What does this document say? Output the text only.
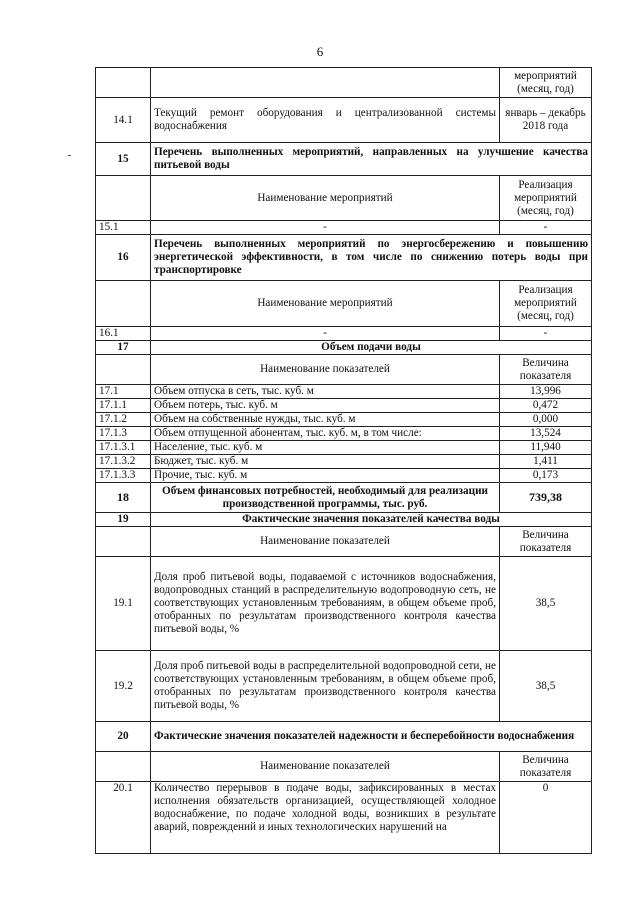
6
		мероприятий (месяц, год)
14.1	Текущий ремонт оборудования и централизованной системы водоснабжения	январь – декабрь 2018 года
15	Перечень выполненных мероприятий, направленных на улучшение качества питьевой воды	
	Наименование мероприятий	Реализация мероприятий (месяц, год)
15.1	-	-
16	Перечень выполненных мероприятий по энергосбережению и повышению энергетической эффективности, в том числе по снижению потерь воды при транспортировке	
	Наименование мероприятий	Реализация мероприятий (месяц, год)
16.1	-	-
17	Объем подачи воды	
	Наименование показателей	Величина показателя
17.1	Объем отпуска в сеть, тыс. куб. м	13,996
17.1.1	Объем потерь, тыс. куб. м	0,472
17.1.2	Объем на собственные нужды, тыс. куб. м	0,000
17.1.3	Объем отпущенной абонентам, тыс. куб. м, в том числе:	13,524
17.1.3.1	Население, тыс. куб. м	11,940
17.1.3.2	Бюджет, тыс. куб. м	1,411
17.1.3.3	Прочие, тыс. куб. м	0,173
18	Объем финансовых потребностей, необходимый для реализации производственной программы, тыс. руб.	739,38
19	Фактические значения показателей качества воды	
	Наименование показателей	Величина показателя
19.1	Доля проб питьевой воды, подаваемой с источников водоснабжения, водопроводных станций в распределительную водопроводную сеть, не соответствующих установленным требованиям, в общем объеме проб, отобранных по результатам производственного контроля качества питьевой воды, %	38,5
19.2	Доля проб питьевой воды в распределительной водопроводной сети, не соответствующих установленным требованиям, в общем объеме проб, отобранных по результатам производственного контроля качества питьевой воды, %	38,5
20	Фактические значения показателей надежности и бесперебойности водоснабжения	
	Наименование показателей	Величина показателя
20.1	Количество перерывов в подаче воды, зафиксированных в местах исполнения обязательств организацией, осуществляющей холодное водоснабжение, по подаче холодной воды, возникших в результате аварий, повреждений и иных технологических нарушений на	0
